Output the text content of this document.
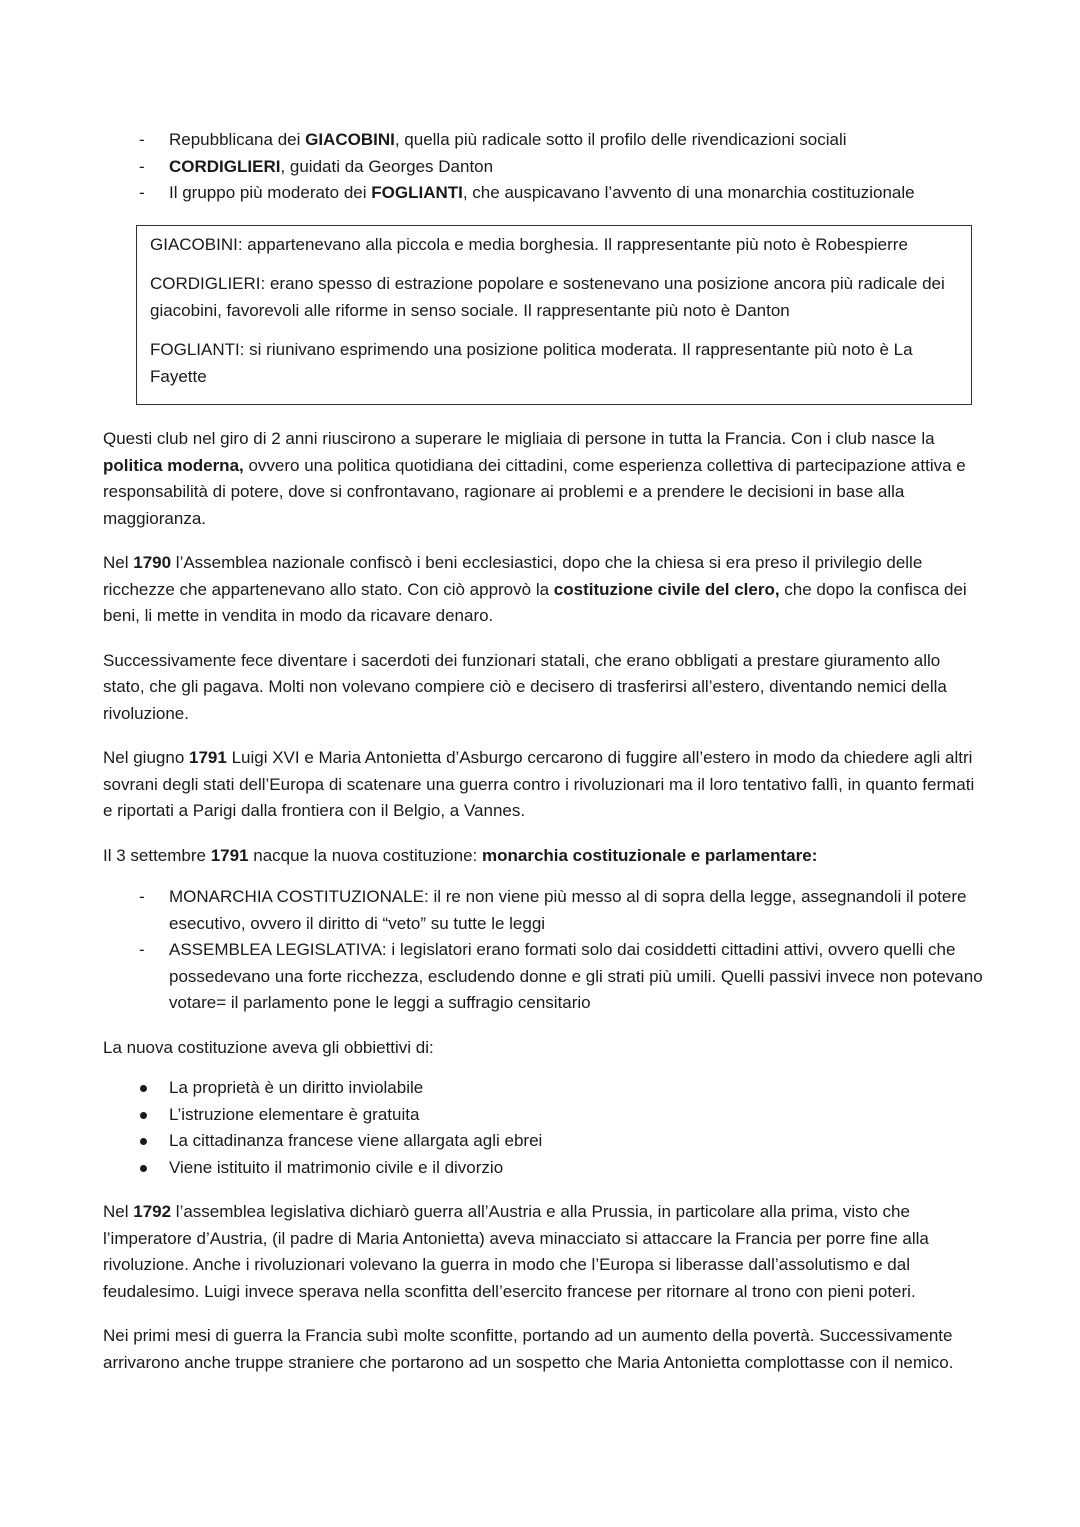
- Repubblicana dei GIACOBINI, quella più radicale sotto il profilo delle rivendicazioni sociali
- CORDIGLIERI, guidati da Georges Danton
- Il gruppo più moderato dei FOGLIANTI, che auspicavano l’avvento di una monarchia costituzionale

GIACOBINI: appartenevano alla piccola e media borghesia. Il rappresentante più noto è Robespierre

CORDIGLIERI: erano spesso di estrazione popolare e sostenevano una posizione ancora più radicale dei giacobini, favorevoli alle riforme in senso sociale. Il rappresentante più noto è Danton

FOGLIANTI: si riunivano esprimendo una posizione politica moderata. Il rappresentante più noto è La Fayette

Questi club nel giro di 2 anni riuscirono a superare le migliaia di persone in tutta la Francia. Con i club nasce la politica moderna, ovvero una politica quotidiana dei cittadini, come esperienza collettiva di partecipazione attiva e responsabilità di potere, dove si confrontavano, ragionare ai problemi e a prendere le decisioni in base alla maggioranza.

Nel 1790 l’Assemblea nazionale confiscò i beni ecclesiastici, dopo che la chiesa si era preso il privilegio delle ricchezze che appartenevano allo stato. Con ciò approvò la costituzione civile del clero, che dopo la confisca dei beni, li mette in vendita in modo da ricavare denaro.

Successivamente fece diventare i sacerdoti dei funzionari statali, che erano obbligati a prestare giuramento allo stato, che gli pagava. Molti non volevano compiere ciò e decisero di trasferirsi all’estero, diventando nemici della rivoluzione.

Nel giugno 1791 Luigi XVI e Maria Antonietta d’Asburgo cercarono di fuggire all’estero in modo da chiedere agli altri sovrani degli stati dell’Europa di scatenare una guerra contro i rivoluzionari ma il loro tentativo fallì, in quanto fermati e riportati a Parigi dalla frontiera con il Belgio, a Vannes.

Il 3 settembre 1791 nacque la nuova costituzione: monarchia costituzionale e parlamentare:

- MONARCHIA COSTITUZIONALE: il re non viene più messo al di sopra della legge, assegnandoli il potere esecutivo, ovvero il diritto di “veto” su tutte le leggi
- ASSEMBLEA LEGISLATIVA: i legislatori erano formati solo dai cosiddetti cittadini attivi, ovvero quelli che possedevano una forte ricchezza, escludendo donne e gli strati più umili. Quelli passivi invece non potevano votare= il parlamento pone le leggi a suffragio censitario

La nuova costituzione aveva gli obbiettivi di:

La proprietà è un diritto inviolabile
L’istruzione elementare è gratuita
La cittadinanza francese viene allargata agli ebrei
Viene istituito il matrimonio civile e il divorzio

Nel 1792 l’assemblea legislativa dichiarò guerra all’Austria e alla Prussia, in particolare alla prima, visto che l’imperatore d’Austria, (il padre di Maria Antonietta) aveva minacciato si attaccare la Francia per porre fine alla rivoluzione. Anche i rivoluzionari volevano la guerra in modo che l’Europa si liberasse dall’assolutismo e dal feudalesimo. Luigi invece sperava nella sconfitta dell’esercito francese per ritornare al trono con pieni poteri.

Nei primi mesi di guerra la Francia subì molte sconfitte, portando ad un aumento della povertà. Successivamente arrivarono anche truppe straniere che portarono ad un sospetto che Maria Antonietta complottasse con il nemico.
